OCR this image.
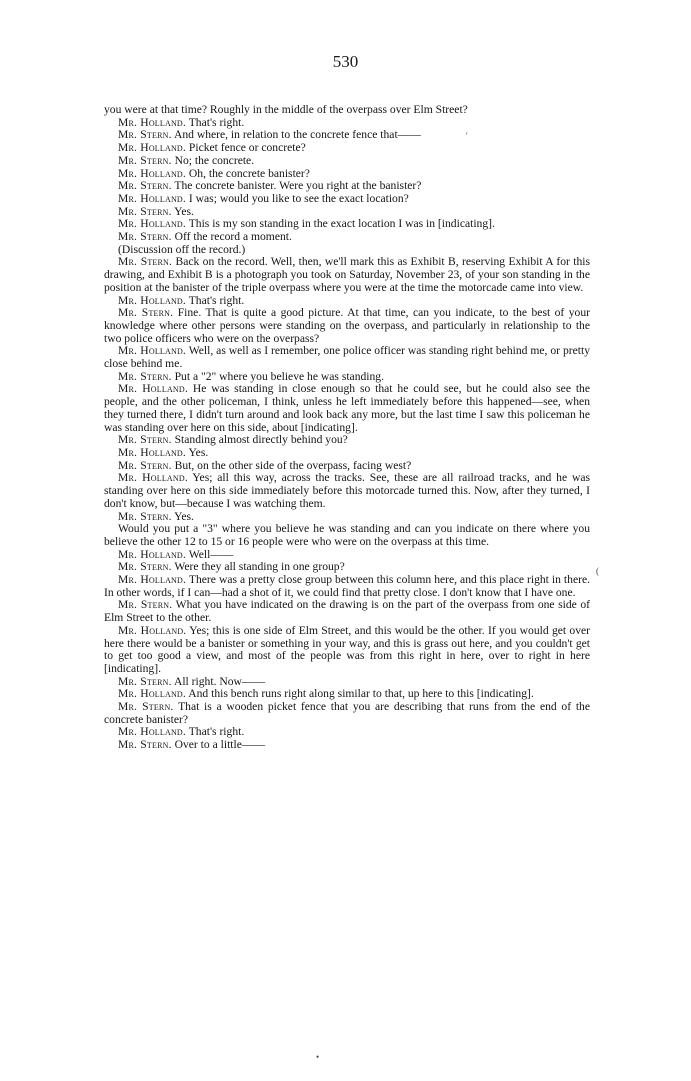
530

you were at that time? Roughly in the middle of the overpass over Elm Street?

Mr. Holland. That's right.

Mr. Stern. And where, in relation to the concrete fence that——

Mr. Holland. Picket fence or concrete?

Mr. Stern. No; the concrete.

Mr. Holland. Oh, the concrete banister?

Mr. Stern. The concrete banister. Were you right at the banister?

Mr. Holland. I was; would you like to see the exact location?

Mr. Stern. Yes.

Mr. Holland. This is my son standing in the exact location I was in [indicating].

Mr. Stern. Off the record a moment.

(Discussion off the record.)

Mr. Stern. Back on the record. Well, then, we'll mark this as Exhibit B, reserving Exhibit A for this drawing, and Exhibit B is a photograph you took on Saturday, November 23, of your son standing in the position at the banister of the triple overpass where you were at the time the motorcade came into view.

Mr. Holland. That's right.

Mr. Stern. Fine. That is quite a good picture. At that time, can you indicate, to the best of your knowledge where other persons were standing on the overpass, and particularly in relationship to the two police officers who were on the overpass?

Mr. Holland. Well, as well as I remember, one police officer was standing right behind me, or pretty close behind me.

Mr. Stern. Put a "2" where you believe he was standing.

Mr. Holland. He was standing in close enough so that he could see, but he could also see the people, and the other policeman, I think, unless he left immediately before this happened—see, when they turned there, I didn't turn around and look back any more, but the last time I saw this policeman he was standing over here on this side, about [indicating].

Mr. Stern. Standing almost directly behind you?

Mr. Holland. Yes.

Mr. Stern. But, on the other side of the overpass, facing west?

Mr. Holland. Yes; all this way, across the tracks. See, these are all railroad tracks, and he was standing over here on this side immediately before this motorcade turned this. Now, after they turned, I don't know, but—because I was watching them.

Mr. Stern. Yes.

Would you put a "3" where you believe he was standing and can you indicate on there where you believe the other 12 to 15 or 16 people were who were on the overpass at this time.

Mr. Holland. Well——

Mr. Stern. Were they all standing in one group?

Mr. Holland. There was a pretty close group between this column here, and this place right in there. In other words, if I can—had a shot of it, we could find that pretty close. I don't know that I have one.

Mr. Stern. What you have indicated on the drawing is on the part of the overpass from one side of Elm Street to the other.

Mr. Holland. Yes; this is one side of Elm Street, and this would be the other. If you would get over here there would be a banister or something in your way, and this is grass out here, and you couldn't get to get too good a view, and most of the people was from this right in here, over to right in here [indicating].

Mr. Stern. All right. Now——

Mr. Holland. And this bench runs right along similar to that, up here to this [indicating].

Mr. Stern. That is a wooden picket fence that you are describing that runs from the end of the concrete banister?

Mr. Holland. That's right.

Mr. Stern. Over to a little——

'
(
•
